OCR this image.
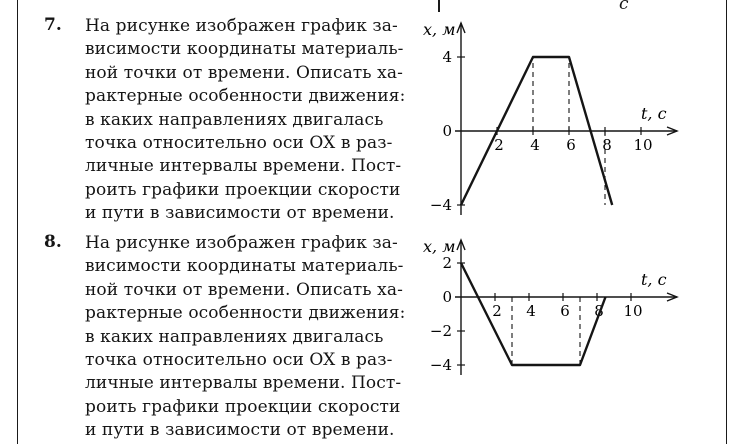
c
7. На рисунке изображен график за-
висимости координаты материаль-
ной точки от времени. Описать ха-
рактерные особенности движения:
в каких направлениях двигалась
точка относительно оси OX в раз-
личные интервалы времени. Пост-
роить графики проекции скорости
и пути в зависимости от времени.
8. На рисунке изображен график за-
висимости координаты материаль-
ной точки от времени. Описать ха-
рактерные особенности движения:
в каких направлениях двигалась
точка относительно оси OX в раз-
личные интервалы времени. Пост-
роить графики проекции скорости
и пути в зависимости от времени.
x, м
t, с
2 4 6 8 10
4
0
−4
x, м
t, с
2 4 6 8 10
2
0
−2
−4
